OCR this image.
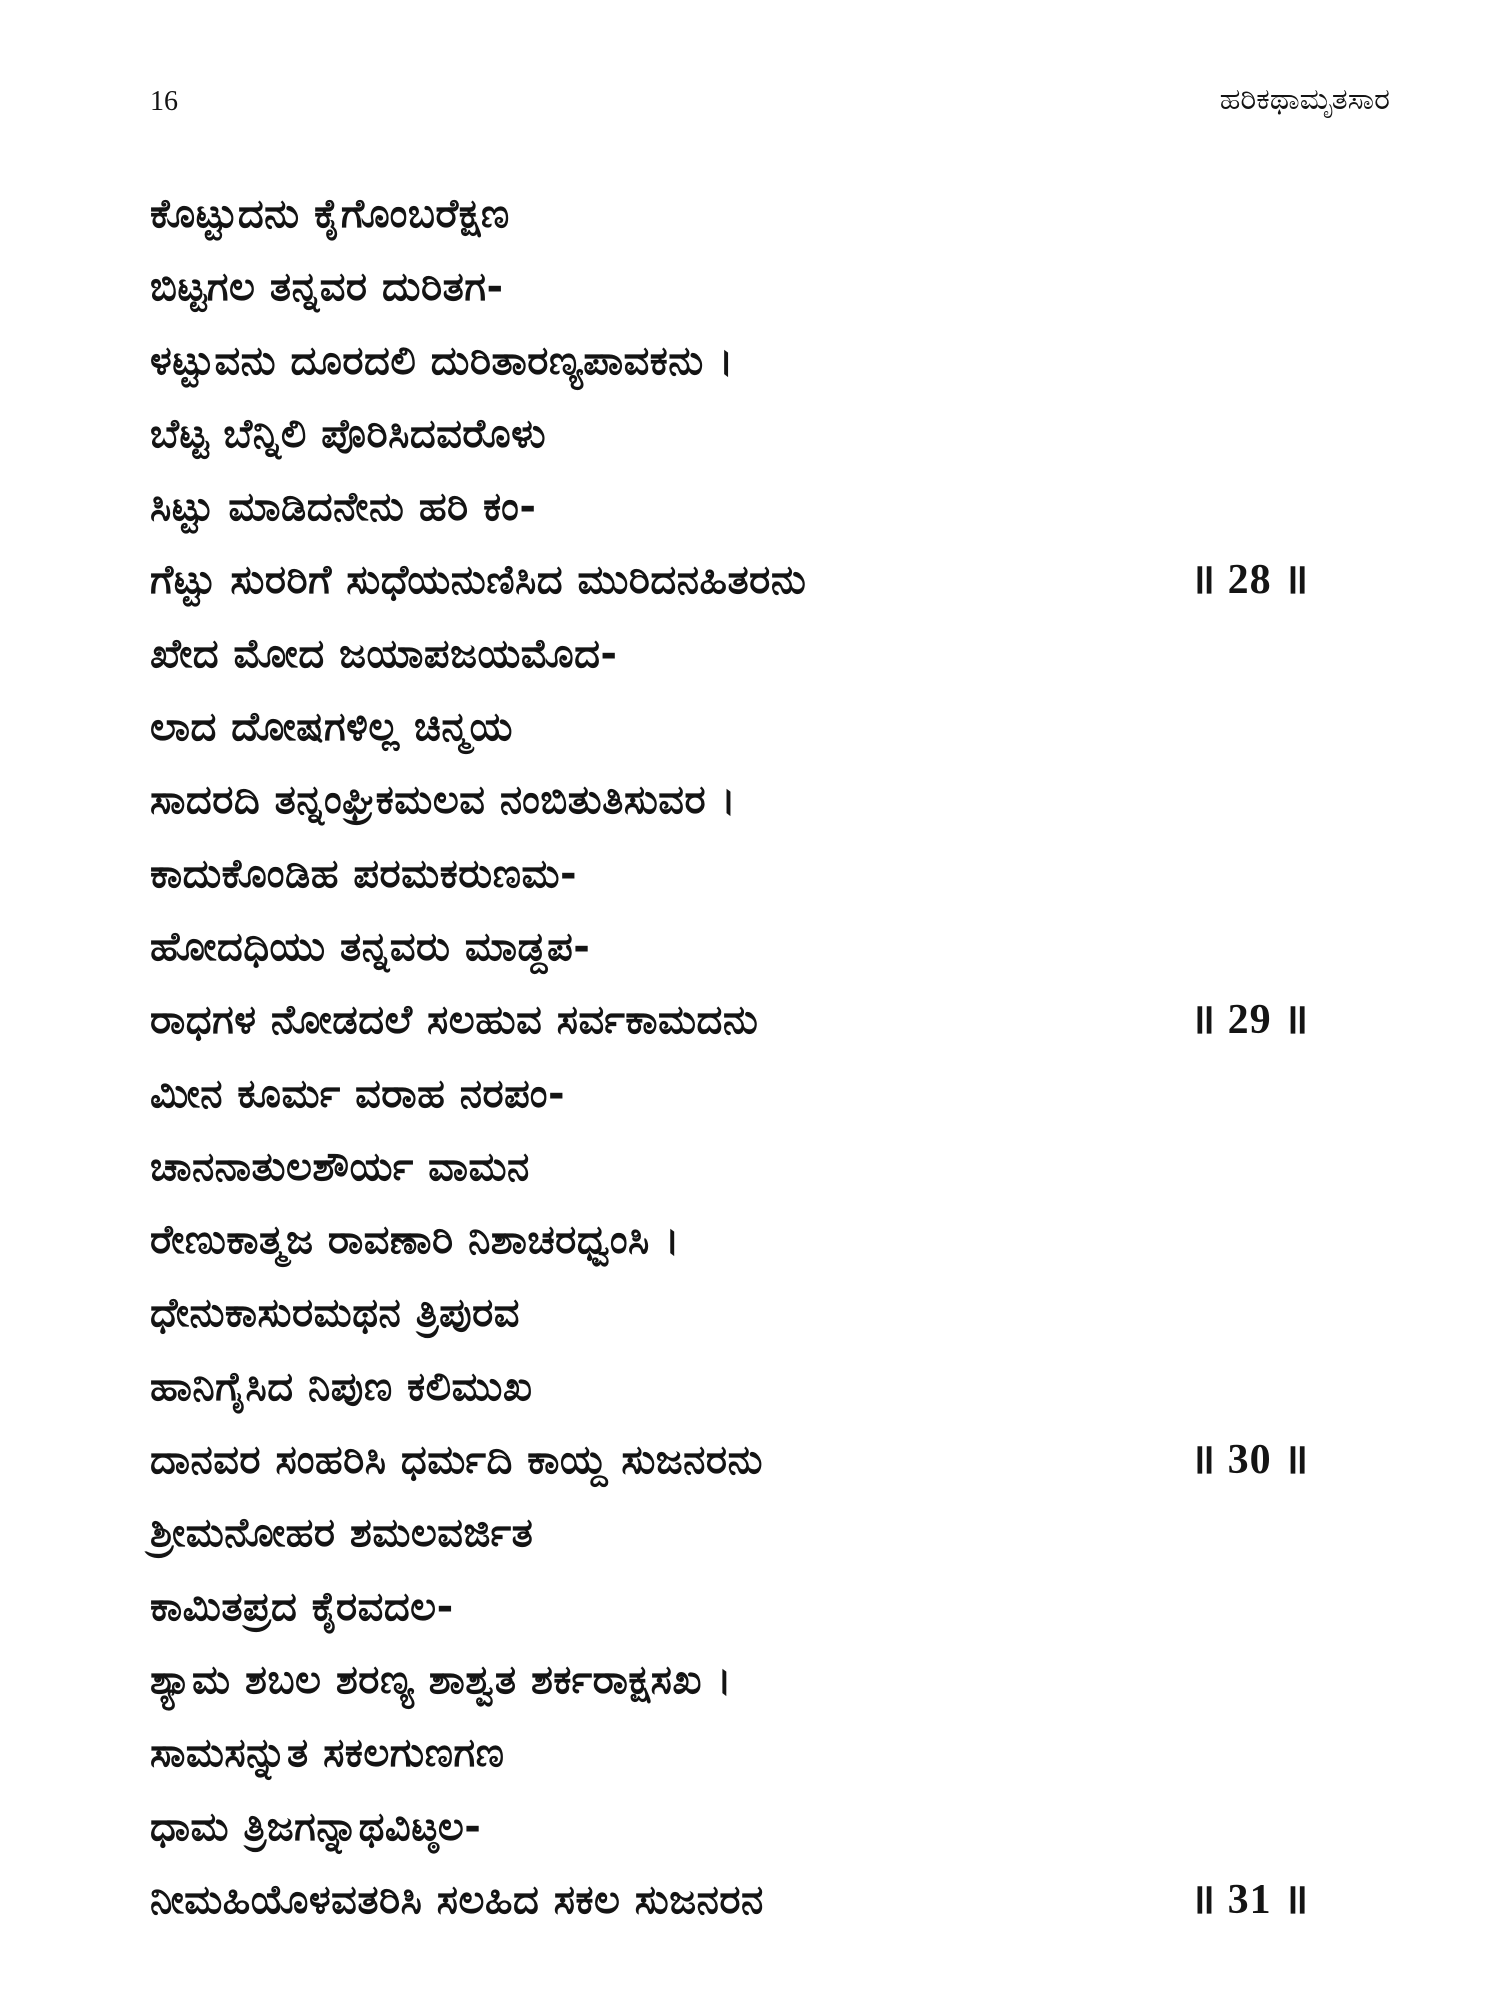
16	ಹರಿಕಥಾಮೃತಸಾರ
ಕೊಟ್ಟುದನು ಕೈಗೊಂಬರೆಕ್ಷಣ
ಬಿಟ್ಟಗಲ ತನ್ನವರ ದುರಿತಗ-
ಳಟ್ಟುವನು ದೂರದಲಿ ದುರಿತಾರಣ್ಯಪಾವಕನು ।
ಬೆಟ್ಟ ಬೆನ್ನಿಲಿ ಪೊರಿಸಿದವರೊಳು
ಸಿಟ್ಟು ಮಾಡಿದನೇನು ಹರಿ ಕಂ-
ಗೆಟ್ಟು ಸುರರಿಗೆ ಸುಧೆಯನುಣಿಸಿದ ಮುರಿದನಹಿತರನು	॥ 28 ॥
ಖೇದ ಮೋದ ಜಯಾಪಜಯಮೊದ-
ಲಾದ ದೋಷಗಳಿಲ್ಲ ಚಿನ್ಮಯ
ಸಾದರದಿ ತನ್ನಂಘ್ರಿಕಮಲವ ನಂಬಿತುತಿಸುವರ ।
ಕಾದುಕೊಂಡಿಹ ಪರಮಕರುಣಮ-
ಹೋದಧಿಯು ತನ್ನವರು ಮಾಡ್ದಪ-
ರಾಧಗಳ ನೋಡದಲೆ ಸಲಹುವ ಸರ್ವಕಾಮದನು	॥ 29 ॥
ಮೀನ ಕೂರ್ಮ ವರಾಹ ನರಪಂ-
ಚಾನನಾತುಲಶೌರ್ಯ ವಾಮನ
ರೇಣುಕಾತ್ಮಜ ರಾವಣಾರಿ ನಿಶಾಚರಧ್ವಂಸಿ ।
ಧೇನುಕಾಸುರಮಥನ ತ್ರಿಪುರವ
ಹಾನಿಗೈಸಿದ ನಿಪುಣ ಕಲಿಮುಖ
ದಾನವರ ಸಂಹರಿಸಿ ಧರ್ಮದಿ ಕಾಯ್ದ ಸುಜನರನು	॥ 30 ॥
ಶ್ರೀಮನೋಹರ ಶಮಲವರ್ಜಿತ
ಕಾಮಿತಪ್ರದ ಕೈರವದಲ-
ಶ್ಯಾಮ ಶಬಲ ಶರಣ್ಯ ಶಾಶ್ವತ ಶರ್ಕರಾಕ್ಷಸಖ ।
ಸಾಮಸನ್ನುತ ಸಕಲಗುಣಗಣ
ಧಾಮ ತ್ರಿಜಗನ್ನಾಥವಿಟ್ಠಲ-
ನೀಮಹಿಯೊಳವತರಿಸಿ ಸಲಹಿದ ಸಕಲ ಸುಜನರನ	॥ 31 ॥
